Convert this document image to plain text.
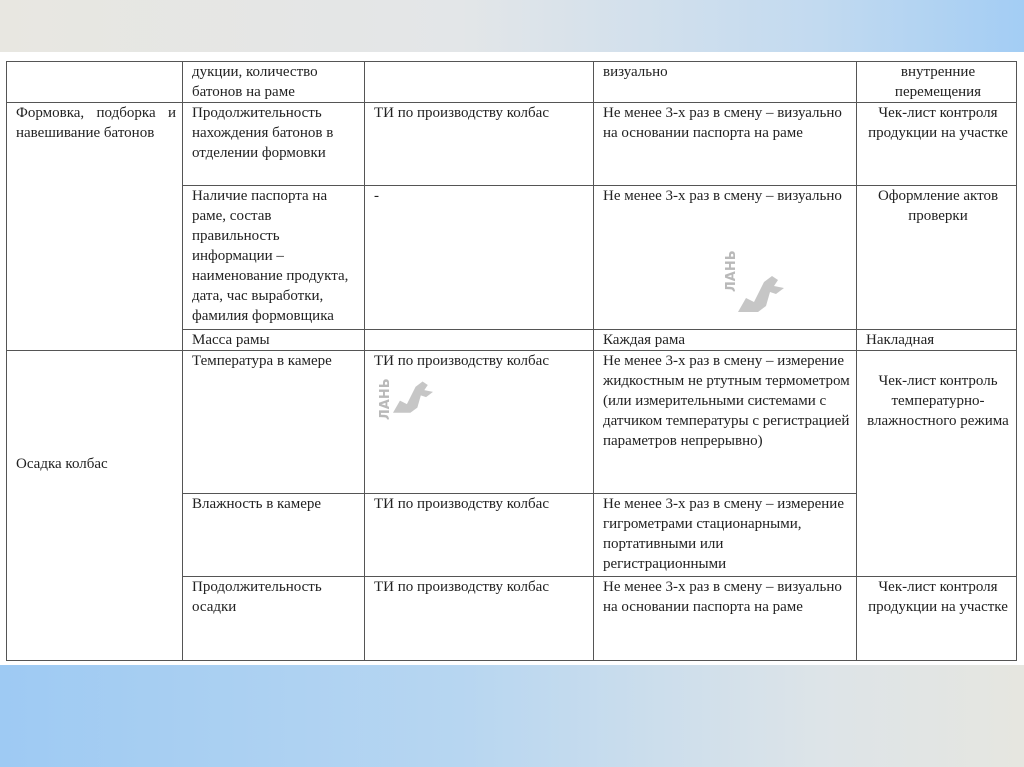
	дукции, количество батонов на раме		визуально	внутренние перемещения
Формовка, подборка и навешивание батонов	Продолжительность нахождения батонов в отделении формовки	ТИ по производству колбас	Не менее 3-х раз в смену – визуально на основании паспорта на раме	Чек-лист контроля продукции на участке
	Наличие паспорта на раме, состав правильность информации – наименование продукта, дата, час выработки, фамилия формовщика	-	Не менее 3-х раз в смену – визуально	Оформление актов проверки
	Масса рамы		Каждая рама	Накладная
Осадка колбас	Температура в камере	ТИ по производству колбас	Не менее 3-х раз в смену – измерение жидкостным не ртутным термометром (или измерительными системами с датчиком температуры с регистрацией параметров непрерывно)	Чек-лист контроль температурно-влажностного режима
	Влажность в камере	ТИ по производству колбас	Не менее 3-х раз в смену – измерение гигрометрами стационарными, портативными или регистрационными	
	Продолжительность осадки	ТИ по производству колбас	Не менее 3-х раз в смену – визуально на основании паспорта на раме	Чек-лист контроля продукции на участке
ЛАНЬ
ЛАНЬ
